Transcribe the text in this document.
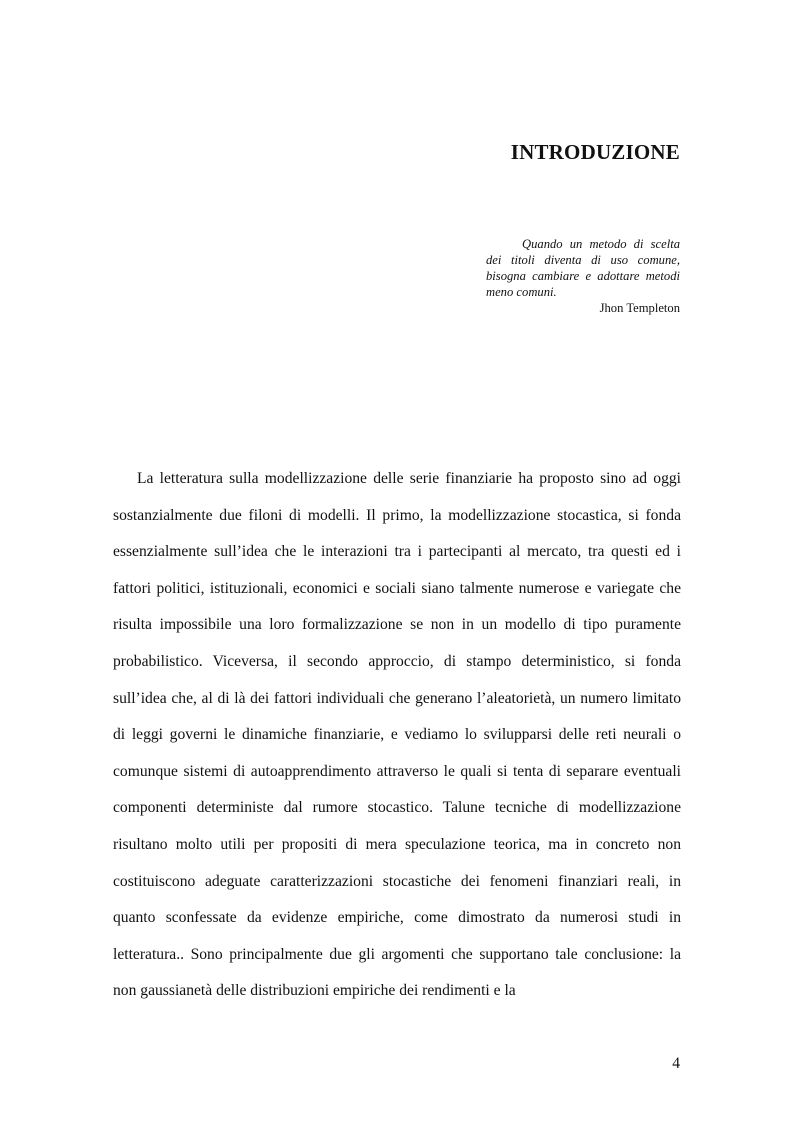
INTRODUZIONE

Quando un metodo di scelta dei titoli diventa di uso comune, bisogna cambiare e adottare metodi meno comuni.

Jhon Templeton

La letteratura sulla modellizzazione delle serie finanziarie ha proposto sino ad oggi sostanzialmente due filoni di modelli. Il primo, la modellizzazione stocastica, si fonda essenzialmente sull’idea che le interazioni tra i partecipanti al mercato, tra questi ed i fattori politici, istituzionali, economici e sociali siano talmente numerose e variegate che risulta impossibile una loro formalizzazione se non in un modello di tipo puramente probabilistico. Viceversa, il secondo approccio, di stampo deterministico, si fonda sull’idea che, al di là dei fattori individuali che generano l’aleatorietà, un numero limitato di leggi governi le dinamiche finanziarie, e vediamo lo svilupparsi delle reti neurali o comunque sistemi di autoapprendimento attraverso le quali si tenta di separare eventuali componenti deterministe dal rumore stocastico. Talune tecniche di modellizzazione risultano molto utili per propositi di mera speculazione teorica, ma in concreto non costituiscono adeguate caratterizzazioni stocastiche dei fenomeni finanziari reali, in quanto sconfessate da evidenze empiriche, come dimostrato da numerosi studi in letteratura.. Sono principalmente due gli argomenti che supportano tale conclusione: la non gaussianetà delle distribuzioni empiriche dei rendimenti e la

4
